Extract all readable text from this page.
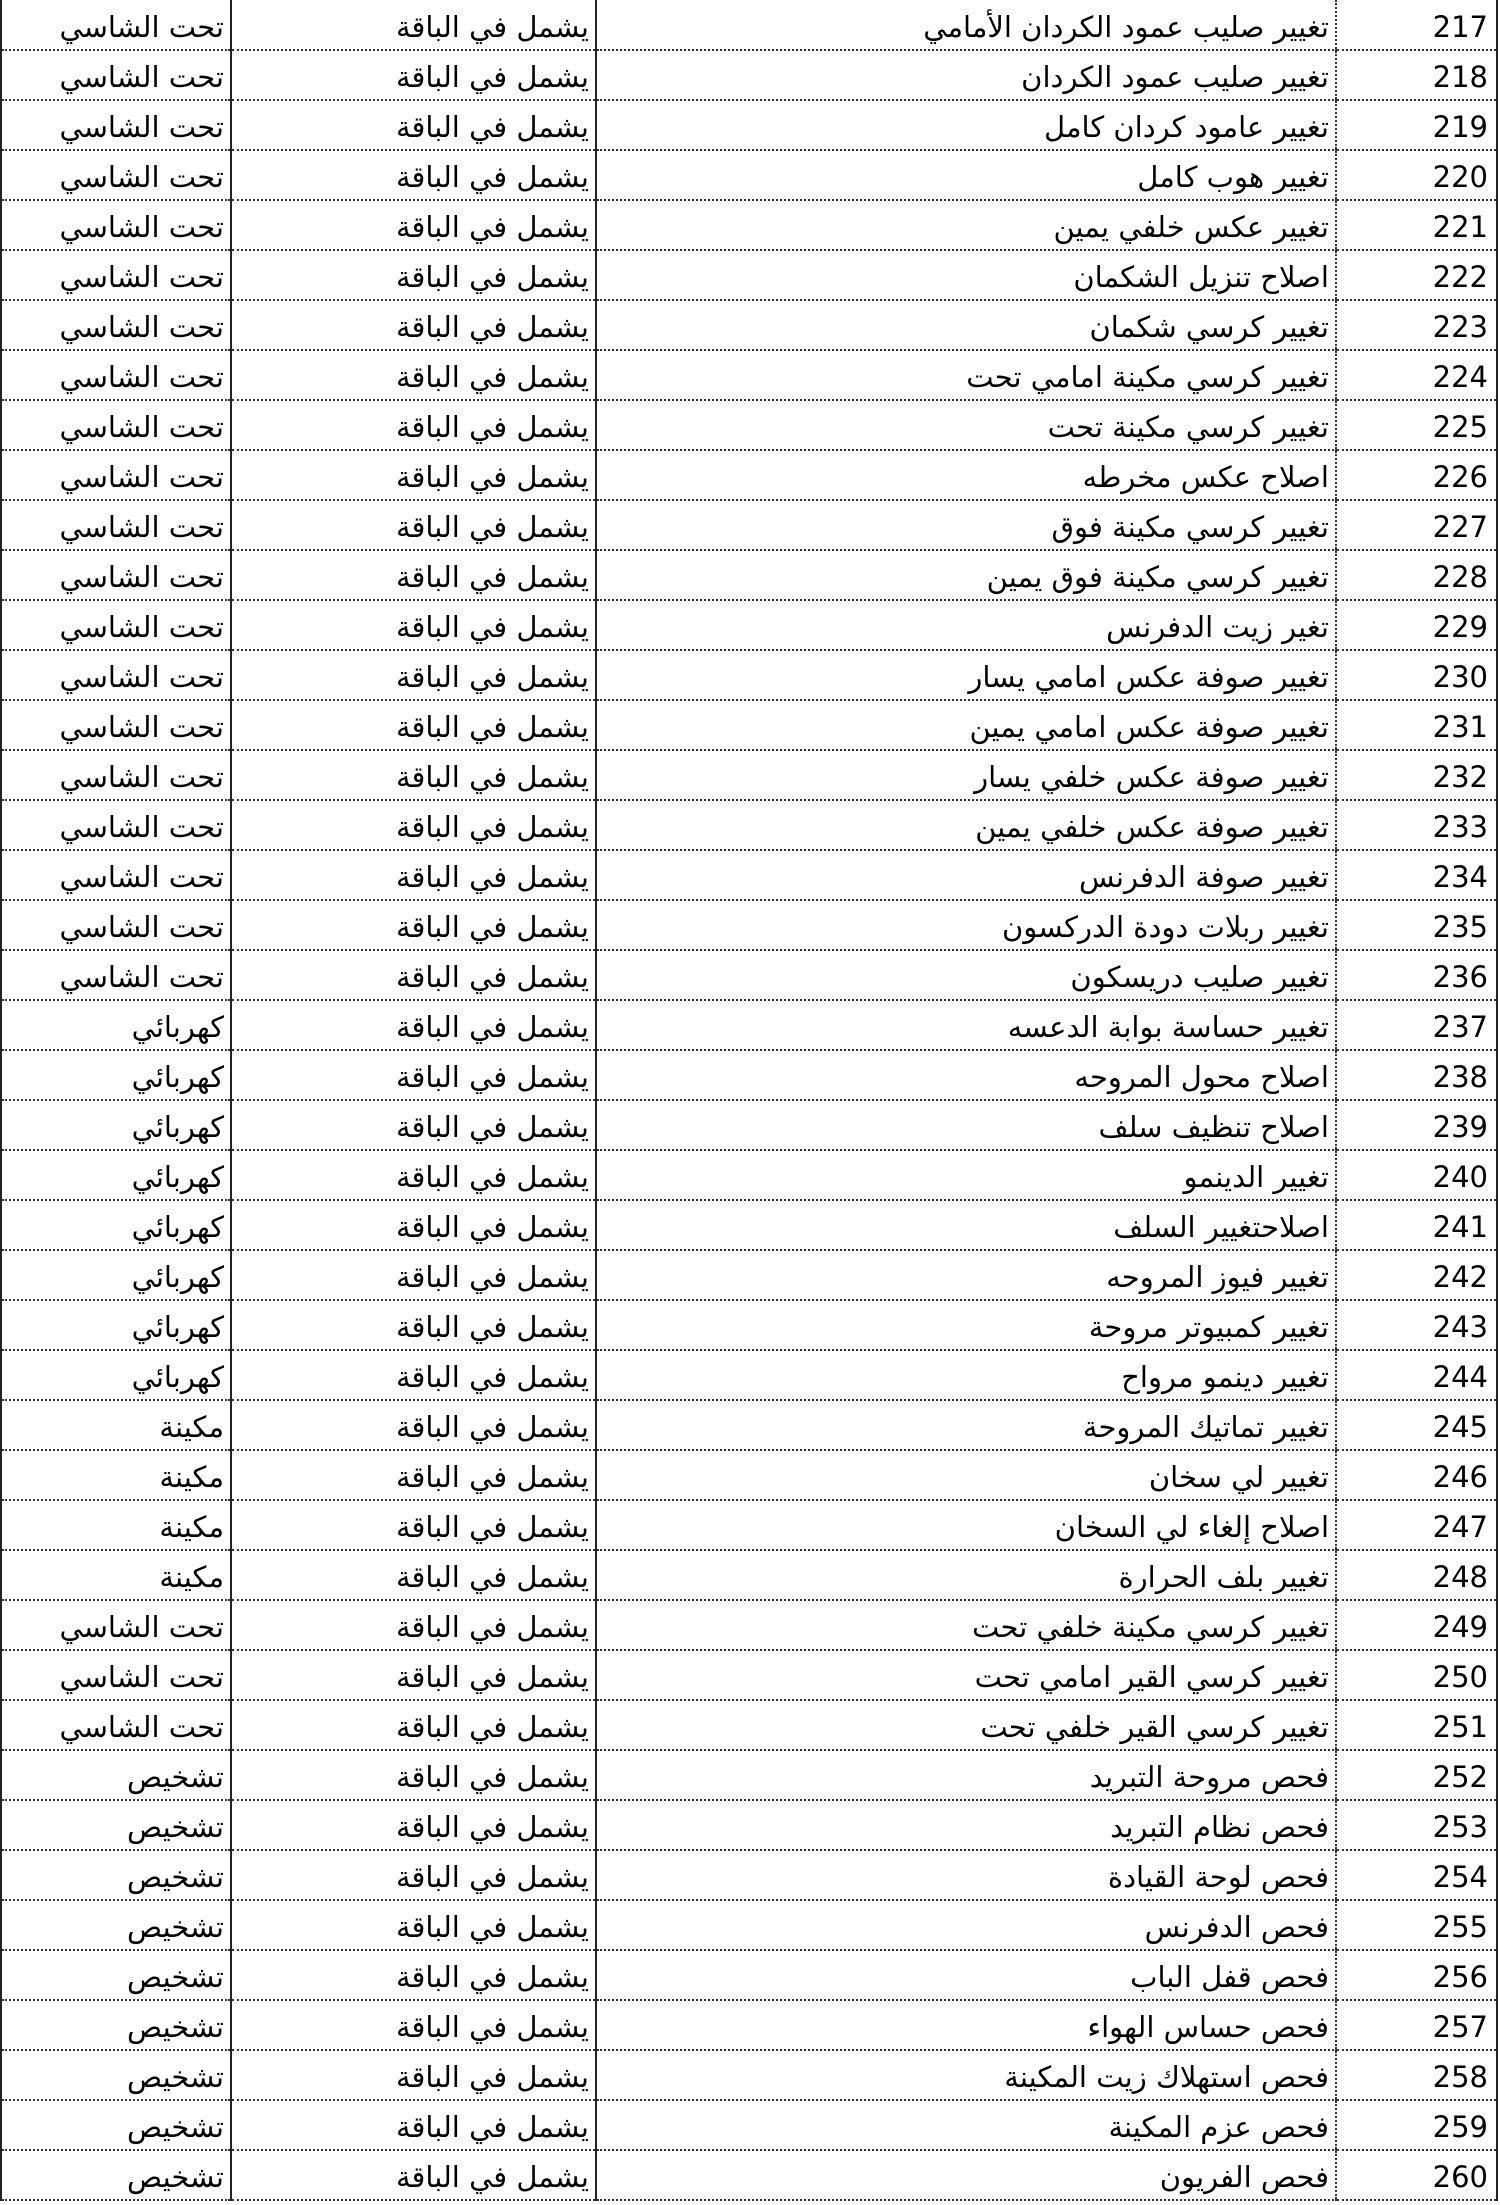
تحت الشاسي	يشمل في الباقة	تغيير صليب عمود الكردان الأمامي	217
تحت الشاسي	يشمل في الباقة	تغيير صليب عمود الكردان	218
تحت الشاسي	يشمل في الباقة	تغيير عامود كردان كامل	219
تحت الشاسي	يشمل في الباقة	تغيير هوب كامل	220
تحت الشاسي	يشمل في الباقة	تغيير عكس خلفي يمين	221
تحت الشاسي	يشمل في الباقة	اصلاح تنزيل الشكمان	222
تحت الشاسي	يشمل في الباقة	تغيير كرسي شكمان	223
تحت الشاسي	يشمل في الباقة	تغيير كرسي مكينة امامي تحت	224
تحت الشاسي	يشمل في الباقة	تغيير كرسي مكينة تحت	225
تحت الشاسي	يشمل في الباقة	اصلاح عكس مخرطه	226
تحت الشاسي	يشمل في الباقة	تغيير كرسي مكينة فوق	227
تحت الشاسي	يشمل في الباقة	تغيير كرسي مكينة فوق يمين	228
تحت الشاسي	يشمل في الباقة	تغير زيت الدفرنس	229
تحت الشاسي	يشمل في الباقة	تغيير صوفة عكس امامي يسار	230
تحت الشاسي	يشمل في الباقة	تغيير صوفة عكس امامي يمين	231
تحت الشاسي	يشمل في الباقة	تغيير صوفة عكس خلفي يسار	232
تحت الشاسي	يشمل في الباقة	تغيير صوفة عكس خلفي يمين	233
تحت الشاسي	يشمل في الباقة	تغيير صوفة الدفرنس	234
تحت الشاسي	يشمل في الباقة	تغيير ربلات دودة الدركسون	235
تحت الشاسي	يشمل في الباقة	تغيير صليب دريسكون	236
كهربائي	يشمل في الباقة	تغيير حساسة بوابة الدعسه	237
كهربائي	يشمل في الباقة	اصلاح محول المروحه	238
كهربائي	يشمل في الباقة	اصلاح تنظيف سلف	239
كهربائي	يشمل في الباقة	تغيير الدينمو	240
كهربائي	يشمل في الباقة	اصلاحتغيير السلف	241
كهربائي	يشمل في الباقة	تغيير فيوز المروحه	242
كهربائي	يشمل في الباقة	تغيير كمبيوتر مروحة	243
كهربائي	يشمل في الباقة	تغيير دينمو مرواح	244
مكينة	يشمل في الباقة	تغيير تماتيك المروحة	245
مكينة	يشمل في الباقة	تغيير لي سخان	246
مكينة	يشمل في الباقة	اصلاح إلغاء لي السخان	247
مكينة	يشمل في الباقة	تغيير بلف الحرارة	248
تحت الشاسي	يشمل في الباقة	تغيير كرسي مكينة خلفي تحت	249
تحت الشاسي	يشمل في الباقة	تغيير كرسي القير امامي تحت	250
تحت الشاسي	يشمل في الباقة	تغيير كرسي القير خلفي تحت	251
تشخيص	يشمل في الباقة	فحص مروحة التبريد	252
تشخيص	يشمل في الباقة	فحص نظام التبريد	253
تشخيص	يشمل في الباقة	فحص لوحة القيادة	254
تشخيص	يشمل في الباقة	فحص الدفرنس	255
تشخيص	يشمل في الباقة	فحص قفل الباب	256
تشخيص	يشمل في الباقة	فحص حساس الهواء	257
تشخيص	يشمل في الباقة	فحص استهلاك زيت المكينة	258
تشخيص	يشمل في الباقة	فحص عزم المكينة	259
تشخيص	يشمل في الباقة	فحص الفريون	260
